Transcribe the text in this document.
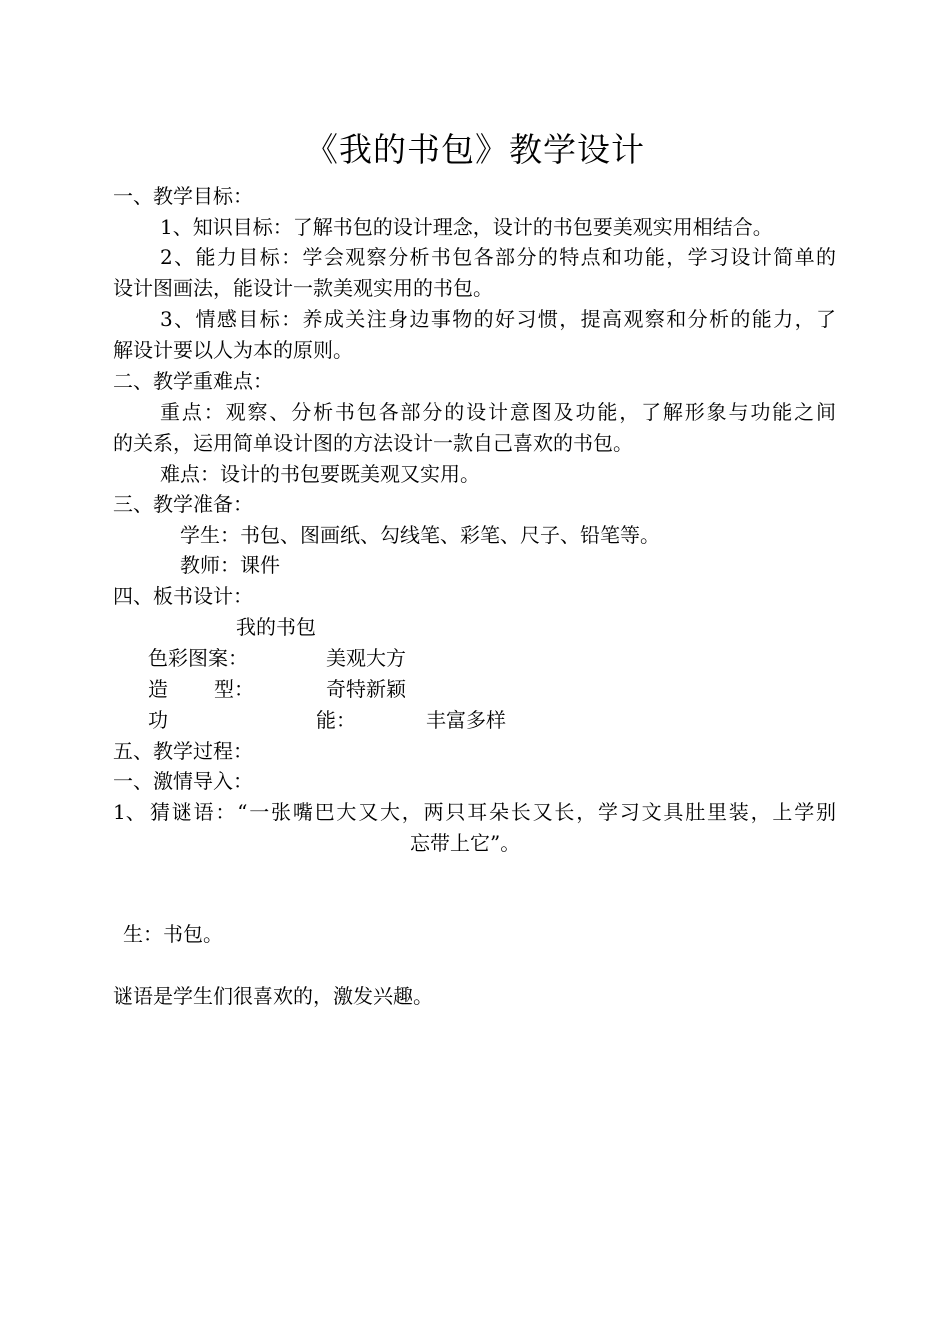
《我的书包》教学设计
一、教学目标：
1、知识目标：了解书包的设计理念，设计的书包要美观实用相结合。
2、能力目标：学会观察分析书包各部分的特点和功能，学习设计简单的
设计图画法，能设计一款美观实用的书包。
3、情感目标：养成关注身边事物的好习惯，提高观察和分析的能力，了
解设计要以人为本的原则。
二、教学重难点：
重点：观察、分析书包各部分的设计意图及功能，了解形象与功能之间
的关系，运用简单设计图的方法设计一款自己喜欢的书包。
难点：设计的书包要既美观又实用。
三、教学准备：
学生：书包、图画纸、勾线笔、彩笔、尺子、铅笔等。
教师：课件
四、板书设计：
我的书包
色彩图案：	美观大方
造 型：	奇特新颖
功	能：	丰富多样
五、教学过程：
一、激情导入：
1、 猜谜语：“一张嘴巴大又大，两只耳朵长又长，学习文具肚里装，上学别
忘带上它”。
生：书包。
谜语是学生们很喜欢的，激发兴趣。
